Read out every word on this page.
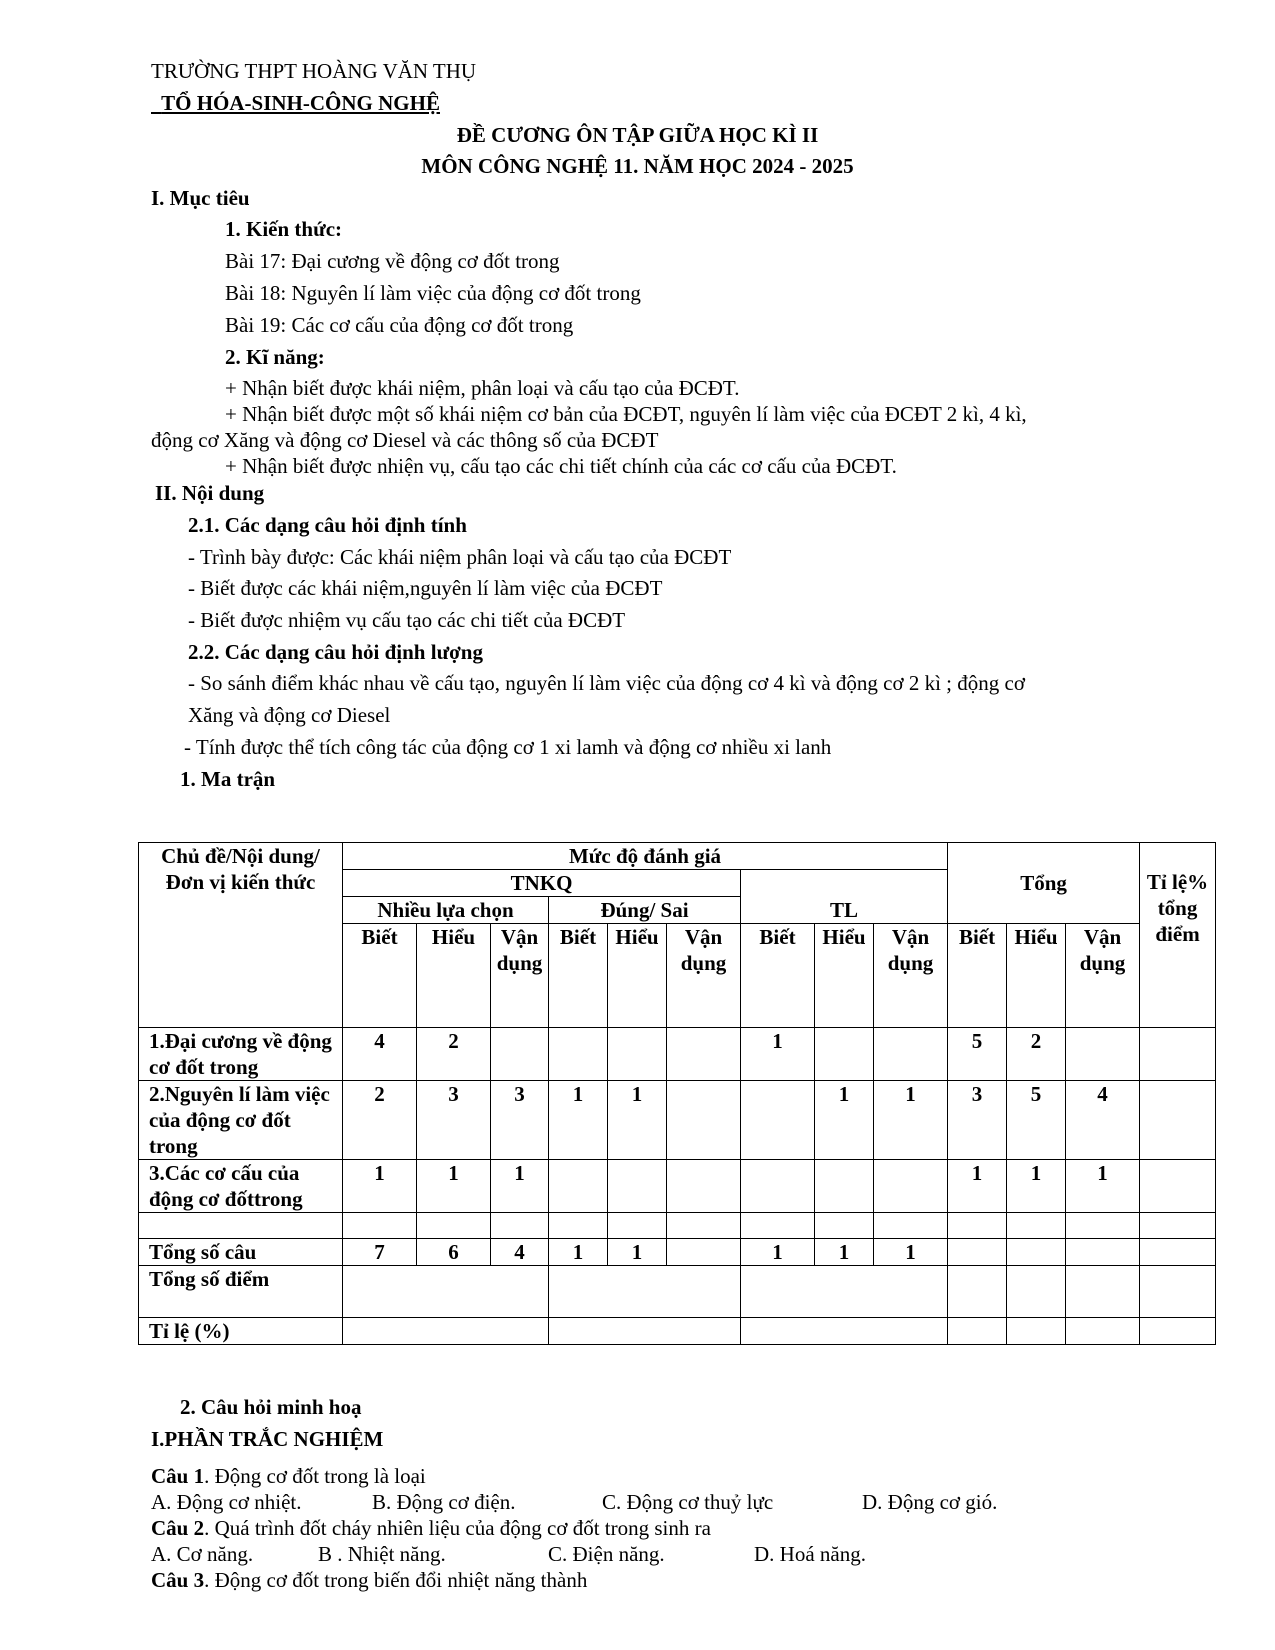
TRƯỜNG THPT HOÀNG VĂN THỤ
TỔ HÓA-SINH-CÔNG NGHỆ
ĐỀ CƯƠNG ÔN TẬP GIỮA HỌC KÌ II
MÔN CÔNG NGHỆ 11. NĂM HỌC 2024 - 2025
I. Mục tiêu
1. Kiến thức:
Bài 17: Đại cương về động cơ đốt trong
Bài 18: Nguyên lí làm việc của động cơ đốt trong
Bài 19: Các cơ cấu của động cơ đốt trong
2. Kĩ năng:
+ Nhận biết được khái niệm, phân loại và cấu tạo của ĐCĐT.
+ Nhận biết được một số khái niệm cơ bản của ĐCĐT, nguyên lí làm việc của ĐCĐT 2 kì, 4 kì,
động cơ Xăng và động cơ Diesel và các thông số của ĐCĐT
+ Nhận biết được nhiện vụ, cấu tạo các chi tiết chính của các cơ cấu của ĐCĐT.
II. Nội dung
2.1. Các dạng câu hỏi định tính
- Trình bày được: Các khái niệm phân loại và cấu tạo của ĐCĐT
- Biết được các khái niệm,nguyên lí làm việc của ĐCĐT
- Biết được nhiệm vụ cấu tạo các chi tiết của ĐCĐT
2.2. Các dạng câu hỏi định lượng
- So sánh điểm khác nhau về cấu tạo, nguyên lí làm việc của động cơ 4 kì và động cơ 2 kì ; động cơ
Xăng và động cơ Diesel
- Tính được thể tích công tác của động cơ 1 xi lamh và động cơ nhiều xi lanh
1. Ma trận
Chủ đề/Nội dung/Đơn vị kiến thức	Mức độ đánh giá									Tổng			Tỉ lệ% tổng điểm
	TNKQ						TL						
	Nhiều lựa chọn			Đúng/ Sai									
	Biết	Hiểu	Vận dụng	Biết	Hiểu	Vận dụng	Biết	Hiểu	Vận dụng	Biết	Hiểu	Vận dụng	
1.Đại cương về động cơ đốt trong	4	2					1			5	2		
2.Nguyên lí làm việc của động cơ đốt trong	2	3	3	1	1			1	1	3	5	4	
3.Các cơ cấu của động cơ đốttrong	1	1	1							1	1	1	

Tổng số câu	7	6	4	1	1		1	1	1				
Tổng số điểm													
Tỉ lệ (%)													
2. Câu hỏi minh hoạ
I.PHẦN TRẮC NGHIỆM
Câu 1. Động cơ đốt trong là loại
A. Động cơ nhiệt.	B. Động cơ điện.	C. Động cơ thuỷ lực	D. Động cơ gió.
Câu 2. Quá trình đốt cháy nhiên liệu của động cơ đốt trong sinh ra
A. Cơ năng.	B . Nhiệt năng.	C. Điện năng.	D. Hoá năng.
Câu 3. Động cơ đốt trong biến đổi nhiệt năng thành
